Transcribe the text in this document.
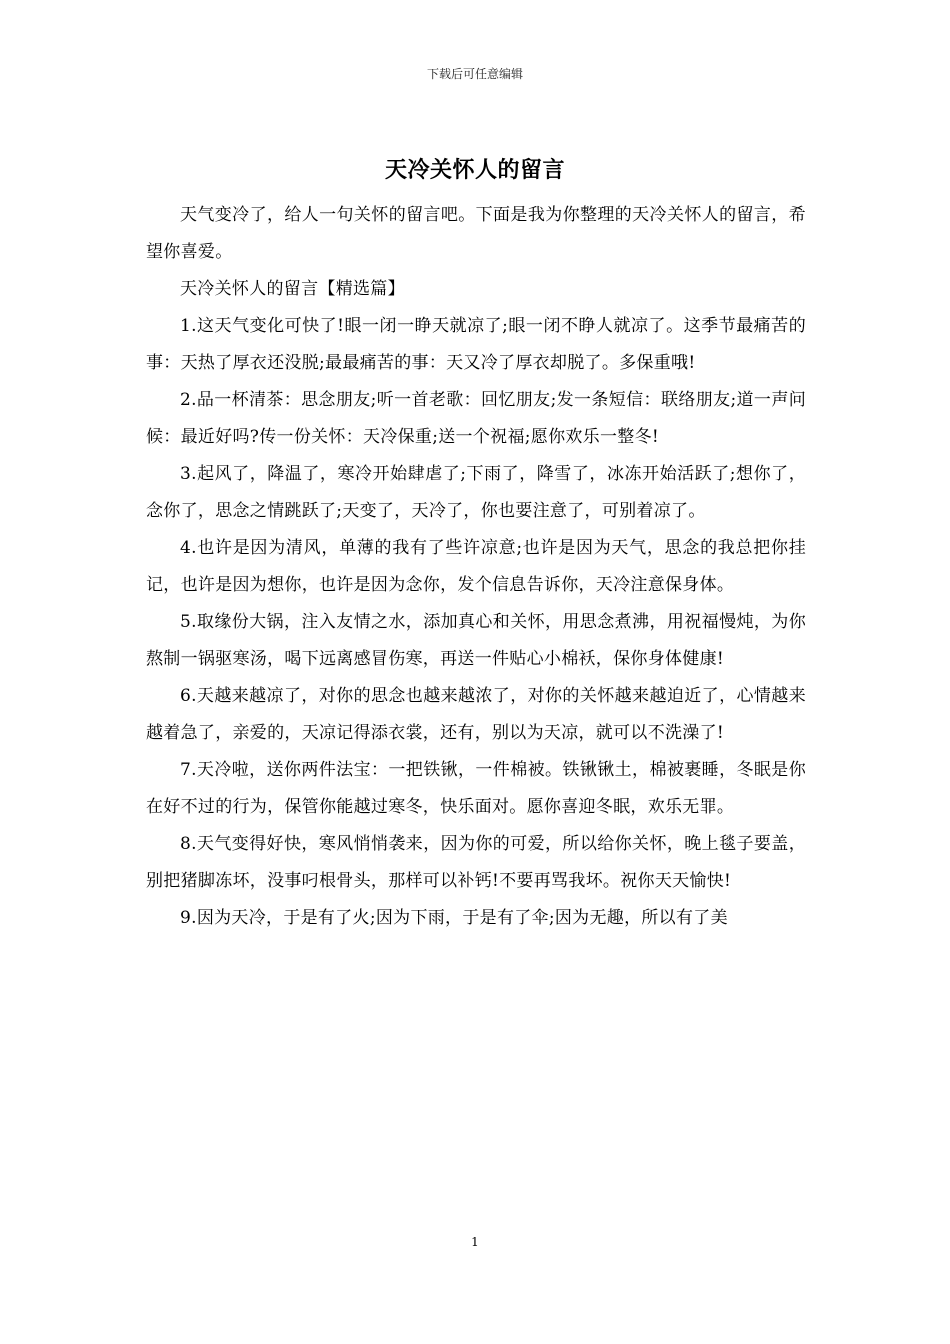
下载后可任意编辑
天冷关怀人的留言

天气变冷了，给人一句关怀的留言吧。下面是我为你整理的天冷关怀人的留言，希望你喜爱。

天冷关怀人的留言【精选篇】

1.这天气变化可快了!眼一闭一睁天就凉了;眼一闭不睁人就凉了。这季节最痛苦的事：天热了厚衣还没脱;最最痛苦的事：天又冷了厚衣却脱了。多保重哦!

2.品一杯清茶：思念朋友;听一首老歌：回忆朋友;发一条短信：联络朋友;道一声问候：最近好吗?传一份关怀：天冷保重;送一个祝福;愿你欢乐一整冬!

3.起风了，降温了，寒冷开始肆虐了;下雨了，降雪了，冰冻开始活跃了;想你了，念你了，思念之情跳跃了;天变了，天冷了，你也要注意了，可别着凉了。

4.也许是因为清风，单薄的我有了些许凉意;也许是因为天气，思念的我总把你挂记，也许是因为想你，也许是因为念你，发个信息告诉你，天冷注意保身体。

5.取缘份大锅，注入友情之水，添加真心和关怀，用思念煮沸，用祝福慢炖，为你熬制一锅驱寒汤，喝下远离感冒伤寒，再送一件贴心小棉袄，保你身体健康!

6.天越来越凉了，对你的思念也越来越浓了，对你的关怀越来越迫近了，心情越来越着急了，亲爱的，天凉记得添衣裳，还有，别以为天凉，就可以不洗澡了!

7.天冷啦，送你两件法宝：一把铁锹，一件棉被。铁锹锹土，棉被裹睡，冬眠是你在好不过的行为，保管你能越过寒冬，快乐面对。愿你喜迎冬眠，欢乐无罪。

8.天气变得好快，寒风悄悄袭来，因为你的可爱，所以给你关怀，晚上毯子要盖，别把猪脚冻坏，没事叼根骨头，那样可以补钙!不要再骂我坏。祝你天天愉快!

9.因为天冷，于是有了火;因为下雨，于是有了伞;因为无趣，所以有了美

1
